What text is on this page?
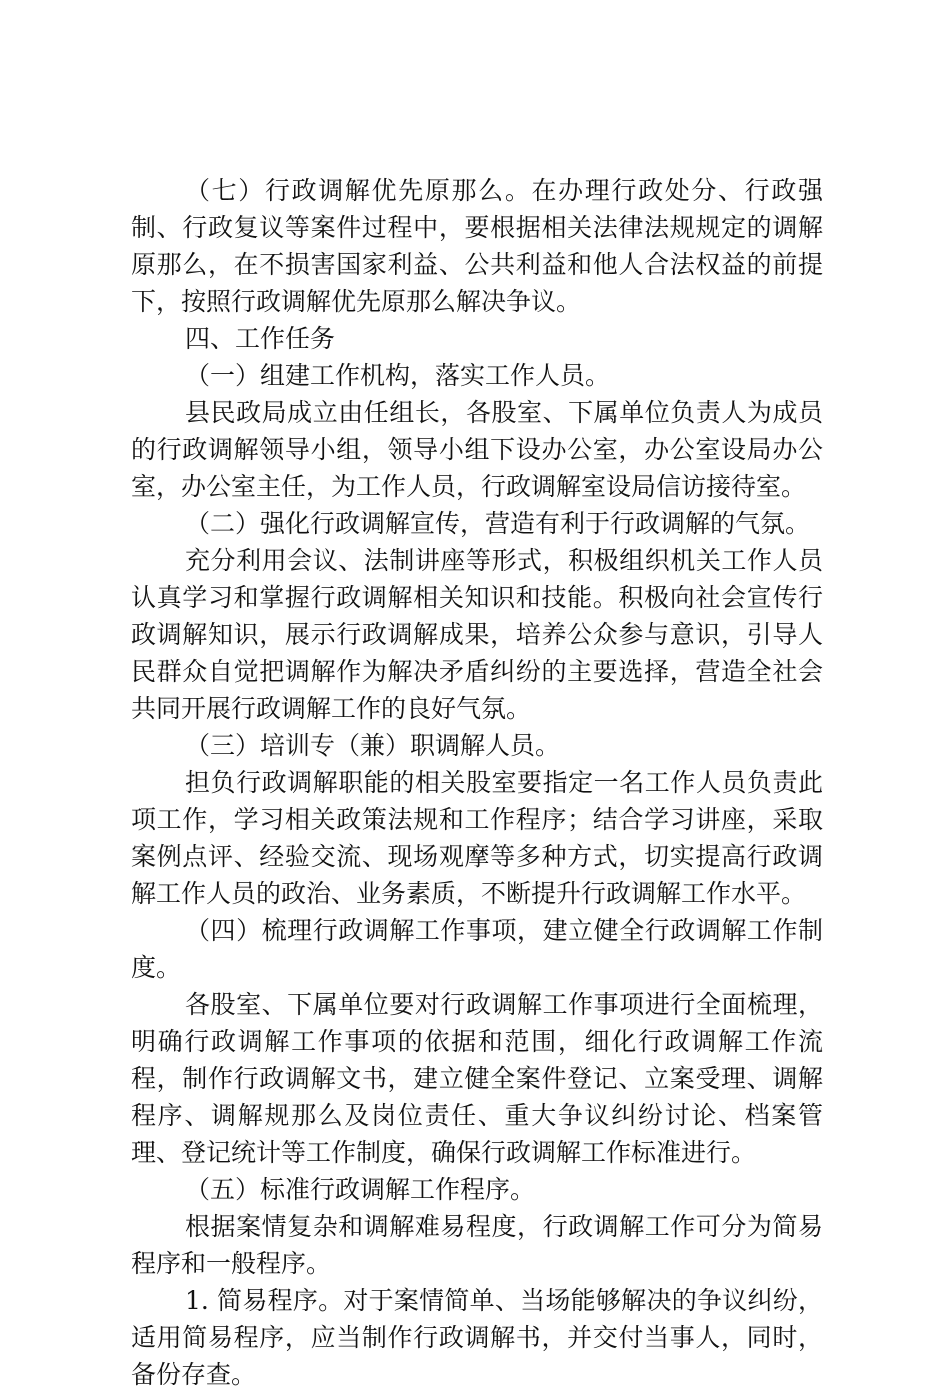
（七）行政调解优先原那么。在办理行政处分、行政强制、行政复议等案件过程中，要根据相关法律法规规定的调解原那么，在不损害国家利益、公共利益和他人合法权益的前提下，按照行政调解优先原那么解决争议。

四、工作任务

（一）组建工作机构，落实工作人员。

县民政局成立由任组长，各股室、下属单位负责人为成员的行政调解领导小组，领导小组下设办公室，办公室设局办公室，办公室主任，为工作人员，行政调解室设局信访接待室。

（二）强化行政调解宣传，营造有利于行政调解的气氛。

充分利用会议、法制讲座等形式，积极组织机关工作人员认真学习和掌握行政调解相关知识和技能。积极向社会宣传行政调解知识，展示行政调解成果，培养公众参与意识，引导人民群众自觉把调解作为解决矛盾纠纷的主要选择，营造全社会共同开展行政调解工作的良好气氛。

（三）培训专（兼）职调解人员。

担负行政调解职能的相关股室要指定一名工作人员负责此项工作，学习相关政策法规和工作程序；结合学习讲座，采取案例点评、经验交流、现场观摩等多种方式，切实提高行政调解工作人员的政治、业务素质，不断提升行政调解工作水平。

（四）梳理行政调解工作事项，建立健全行政调解工作制度。

各股室、下属单位要对行政调解工作事项进行全面梳理，明确行政调解工作事项的依据和范围，细化行政调解工作流程，制作行政调解文书，建立健全案件登记、立案受理、调解程序、调解规那么及岗位责任、重大争议纠纷讨论、档案管理、登记统计等工作制度，确保行政调解工作标准进行。

（五）标准行政调解工作程序。

根据案情复杂和调解难易程度，行政调解工作可分为简易程序和一般程序。

1. 简易程序。对于案情简单、当场能够解决的争议纠纷，适用简易程序，应当制作行政调解书，并交付当事人，同时，备份存查。
